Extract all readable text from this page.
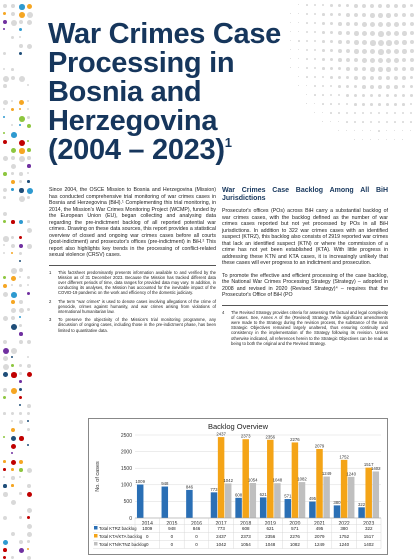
War Crimes Case Processing in Bosnia and Herzegovina (2004 – 2023)$^1$

Since 2004, the OSCE Mission to Bosnia and Herzegovina (Mission) has conducted comprehensive trial monitoring of war crimes cases in Bosnia and Herzegovina (BiH).¹ Complementing this trial monitoring, in 2014, the Mission's War Crimes Monitoring Project (WCMP), funded by the European Union (EU), began collecting and analysing data regarding the pre-indictment backlog of all reported potential war crimes. Drawing on these data sources, this report provides a statistical overview of closed and ongoing war crimes cases before all courts (post-indictment) and prosecutor's offices (pre-indictment) in BiH.² This report also highlights key trends in the processing of conflict-related sexual violence (CRSV) cases.

1	This factsheet predominantly presents information available to and verified by the Mission as of 31 December 2023. Because the Mission has tracked different data over different periods of time, data ranges for provided data may vary. In addition, in conducting its analyses, the Mission has accounted for the inevitable impact of the COVID-19 pandemic on the work and efficiency of the domestic judiciary.
2	The term "war crimes" is used to denote cases involving allegations of the crime of genocide, crimes against humanity, and war crimes arising from violations of international humanitarian law.
3	To preserve the objectivity of the Mission's trial monitoring programme, any discussion of ongoing cases, including those in the pre-indictment phase, has been limited to quantitative data.
War Crimes Case Backlog Among All BiH Jurisdictions

Prosecutor's offices (POs) across BiH carry a substantial backlog of war crimes cases, with the backlog defined as the number of war crimes cases reported but not yet processed by POs in all BiH jurisdictions. In addition to 322 war crimes cases with an identified suspect (KTRZ), this backlog also consists of 2919 reported war crimes that lack an identified suspect (KTN) or where the commission of a crime has not yet been established (KTA). With little progress in addressing these KTN and KTA cases, it is increasingly unlikely that these cases will ever progress to an indictment and prosecution.

To promote the effective and efficient processing of the case backlog, the National War Crimes Processing Strategy (Strategy) – adopted in 2008 and revised in 2020 (Revised Strategy)⁴ – requires that the Prosecutor's Office of BiH (PO

4	The Revised Strategy provides criteria for assessing the factual and legal complexity of cases. See, Annex A of the (Revised) Strategy. While significant amendments were made to the Strategy during the revision process, the substance of the main Strategic Objectives remained largely unaltered, thus ensuring continuity and consistency in the implementation of the Strategy following its revision. Unless otherwise indicated, all references herein to the Strategic Objectives can be read as being to both the original and the Revised Strategy.
Backlog Overview
No. of cases
0
500
1000
1500
2000
2500
2014
1009
2015
948
2016
846
2017
773
2437
1042
2018
608
2373
1054
2019
621
2356
1048
2020
571
2276
1082
2021
495
2079
1249
2022
380
1752
1240
2023
322
1517
1402
Total KTRZ backlog 1009	948	846	773	608	621	571	495	380	322
Total KTA/KTA backlog 0	0	0	2437	2373	2356	2276	2079	1752	1517
Total KTN/KTNZ backlog 0	0	0	1042	1054	1048	1082	1249	1240	1402
